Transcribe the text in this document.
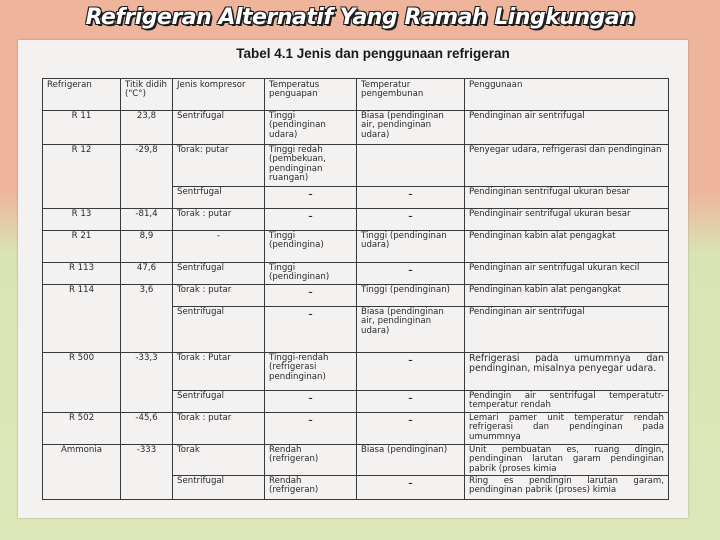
Refrigeran Alternatif Yang Ramah Lingkungan
Tabel 4.1 Jenis dan penggunaan refrigeran
Refrigeran	Titik didih ("C°)	Jenis kompresor	Temperatus penguapan	Temperatur pengembunan	Penggunaan
R 11	23,8	Sentrifugal	Tinggi (pendinginan udara)	Biasa (pendinginan air, pendinginan udara)	Pendinginan air sentrifugal
R 12	-29,8	Torak: putar	Tinggi redah (pembekuan, pendinginan ruangan)		Penyegar udara, refrigerasi dan pendinginan
		Sentrfugal	-	-	Pendinginan sentrifugal ukuran besar
R 13	-81,4	Torak : putar	-	-	Pendinginair sentrifugal ukuran besar
R 21	8,9	-	Tinggi (pendingina)	Tinggi (pendinginan udara)	Pendinginan kabin alat pengagkat
R 113	47,6	Sentrifugal	Tinggi (pendinginan)	-	Pendinginan air sentrifugal ukuran kecil
R 114	3,6	Torak : putar	-	Tinggi (pendinginan)	Pendinginan kabin alat pengangkat
		Sentrifugal	-	Biasa (pendinginan air, pendinginan udara)	Pendinginan air sentrifugal
R 500	-33,3	Torak : Putar	Tinggi-rendah (refrigerasi pendinginan)	-	Refrigerasi pada umummnya dan pendinginan, misalnya penyegar udara.
		Sentrifugal	-	-	Pendingin air sentrifugal temperatutr-temperatur rendah
R 502	-45,6	Torak : putar	-	-	Lemari pamer unit temperatur rendah refrigerasi dan pendinginan pada umummnya
Ammonia	-333	Torak	Rendah (refrigeran)	Biasa (pendinginan)	Unit pembuatan es, ruang dingin, pendinginan larutan garam pendinginan pabrik (proses kimia
		Sentrifugal	Rendah (refrigeran)	-	Ring es pendingin larutan garam, pendinginan pabrik (proses) kimia
